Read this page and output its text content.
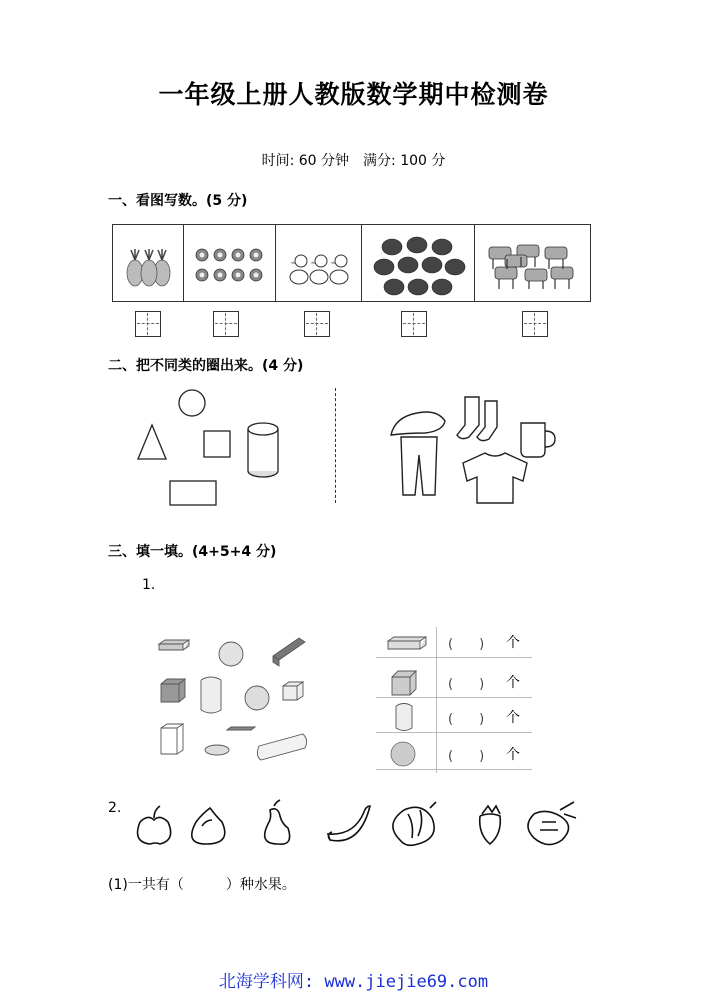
一年级上册人教版数学期中检测卷
时间: 60 分钟　满分: 100 分
一、看图写数。(5 分)
二、把不同类的圈出来。(4 分)
三、填一填。(4+5+4 分)
1.
(　　) 个
(　　) 个
(　　) 个
(　　) 个
2.
(1)一共有（　　　）种水果。
北海学科网: www.jiejie69.com
